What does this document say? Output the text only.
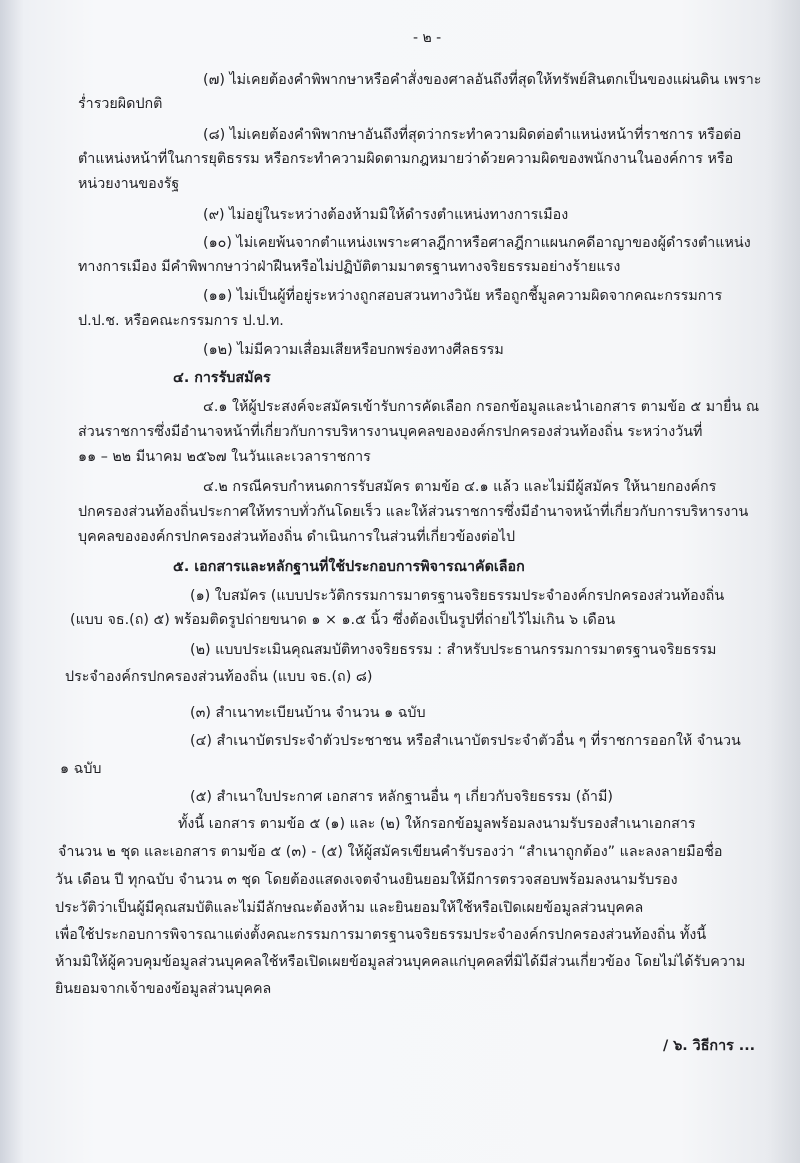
- ๒ -
(๗) ไม่เคยต้องคำพิพากษาหรือคำสั่งของศาลอันถึงที่สุดให้ทรัพย์สินตกเป็นของแผ่นดิน เพราะ
ร่ำรวยผิดปกติ
(๘) ไม่เคยต้องคำพิพากษาอันถึงที่สุดว่ากระทำความผิดต่อตำแหน่งหน้าที่ราชการ หรือต่อ
ตำแหน่งหน้าที่ในการยุติธรรม หรือกระทำความผิดตามกฎหมายว่าด้วยความผิดของพนักงานในองค์การ หรือ
หน่วยงานของรัฐ
(๙) ไม่อยู่ในระหว่างต้องห้ามมิให้ดำรงตำแหน่งทางการเมือง
(๑๐) ไม่เคยพ้นจากตำแหน่งเพราะศาลฎีกาหรือศาลฎีกาแผนกคดีอาญาของผู้ดำรงตำแหน่ง
ทางการเมือง มีคำพิพากษาว่าฝ่าฝืนหรือไม่ปฏิบัติตามมาตรฐานทางจริยธรรมอย่างร้ายแรง
(๑๑) ไม่เป็นผู้ที่อยู่ระหว่างถูกสอบสวนทางวินัย หรือถูกชี้มูลความผิดจากคณะกรรมการ
ป.ป.ช. หรือคณะกรรมการ ป.ป.ท.
(๑๒) ไม่มีความเสื่อมเสียหรือบกพร่องทางศีลธรรม
๔. การรับสมัคร
๔.๑ ให้ผู้ประสงค์จะสมัครเข้ารับการคัดเลือก กรอกข้อมูลและนำเอกสาร ตามข้อ ๕ มายื่น ณ
ส่วนราชการซึ่งมีอำนาจหน้าที่เกี่ยวกับการบริหารงานบุคคลขององค์กรปกครองส่วนท้องถิ่น ระหว่างวันที่
๑๑ – ๒๒ มีนาคม ๒๕๖๗ ในวันและเวลาราชการ
๔.๒ กรณีครบกำหนดการรับสมัคร ตามข้อ ๔.๑ แล้ว และไม่มีผู้สมัคร ให้นายกองค์กร
ปกครองส่วนท้องถิ่นประกาศให้ทราบทั่วกันโดยเร็ว และให้ส่วนราชการซึ่งมีอำนาจหน้าที่เกี่ยวกับการบริหารงาน
บุคคลขององค์กรปกครองส่วนท้องถิ่น ดำเนินการในส่วนที่เกี่ยวข้องต่อไป
๕. เอกสารและหลักฐานที่ใช้ประกอบการพิจารณาคัดเลือก
(๑) ใบสมัคร (แบบประวัติกรรมการมาตรฐานจริยธรรมประจำองค์กรปกครองส่วนท้องถิ่น
(แบบ จธ.(ถ) ๕) พร้อมติดรูปถ่ายขนาด ๑ × ๑.๕ นิ้ว ซึ่งต้องเป็นรูปที่ถ่ายไว้ไม่เกิน ๖ เดือน
(๒) แบบประเมินคุณสมบัติทางจริยธรรม : สำหรับประธานกรรมการมาตรฐานจริยธรรม
ประจำองค์กรปกครองส่วนท้องถิ่น (แบบ จธ.(ถ) ๘)
(๓) สำเนาทะเบียนบ้าน จำนวน ๑ ฉบับ
(๔) สำเนาบัตรประจำตัวประชาชน หรือสำเนาบัตรประจำตัวอื่น ๆ ที่ราชการออกให้ จำนวน
๑ ฉบับ
(๕) สำเนาใบประกาศ เอกสาร หลักฐานอื่น ๆ เกี่ยวกับจริยธรรม (ถ้ามี)
ทั้งนี้ เอกสาร ตามข้อ ๕ (๑) และ (๒) ให้กรอกข้อมูลพร้อมลงนามรับรองสำเนาเอกสาร
จำนวน ๒ ชุด และเอกสาร ตามข้อ ๕ (๓) - (๕) ให้ผู้สมัครเขียนคำรับรองว่า “สำเนาถูกต้อง” และลงลายมือชื่อ
วัน เดือน ปี ทุกฉบับ จำนวน ๓ ชุด โดยต้องแสดงเจตจำนงยินยอมให้มีการตรวจสอบพร้อมลงนามรับรอง
ประวัติว่าเป็นผู้มีคุณสมบัติและไม่มีลักษณะต้องห้าม และยินยอมให้ใช้หรือเปิดเผยข้อมูลส่วนบุคคล
เพื่อใช้ประกอบการพิจารณาแต่งตั้งคณะกรรมการมาตรฐานจริยธรรมประจำองค์กรปกครองส่วนท้องถิ่น ทั้งนี้
ห้ามมิให้ผู้ควบคุมข้อมูลส่วนบุคคลใช้หรือเปิดเผยข้อมูลส่วนบุคคลแก่บุคคลที่มิได้มีส่วนเกี่ยวข้อง โดยไม่ได้รับความ
ยินยอมจากเจ้าของข้อมูลส่วนบุคคล
/ ๖. วิธีการ ...
